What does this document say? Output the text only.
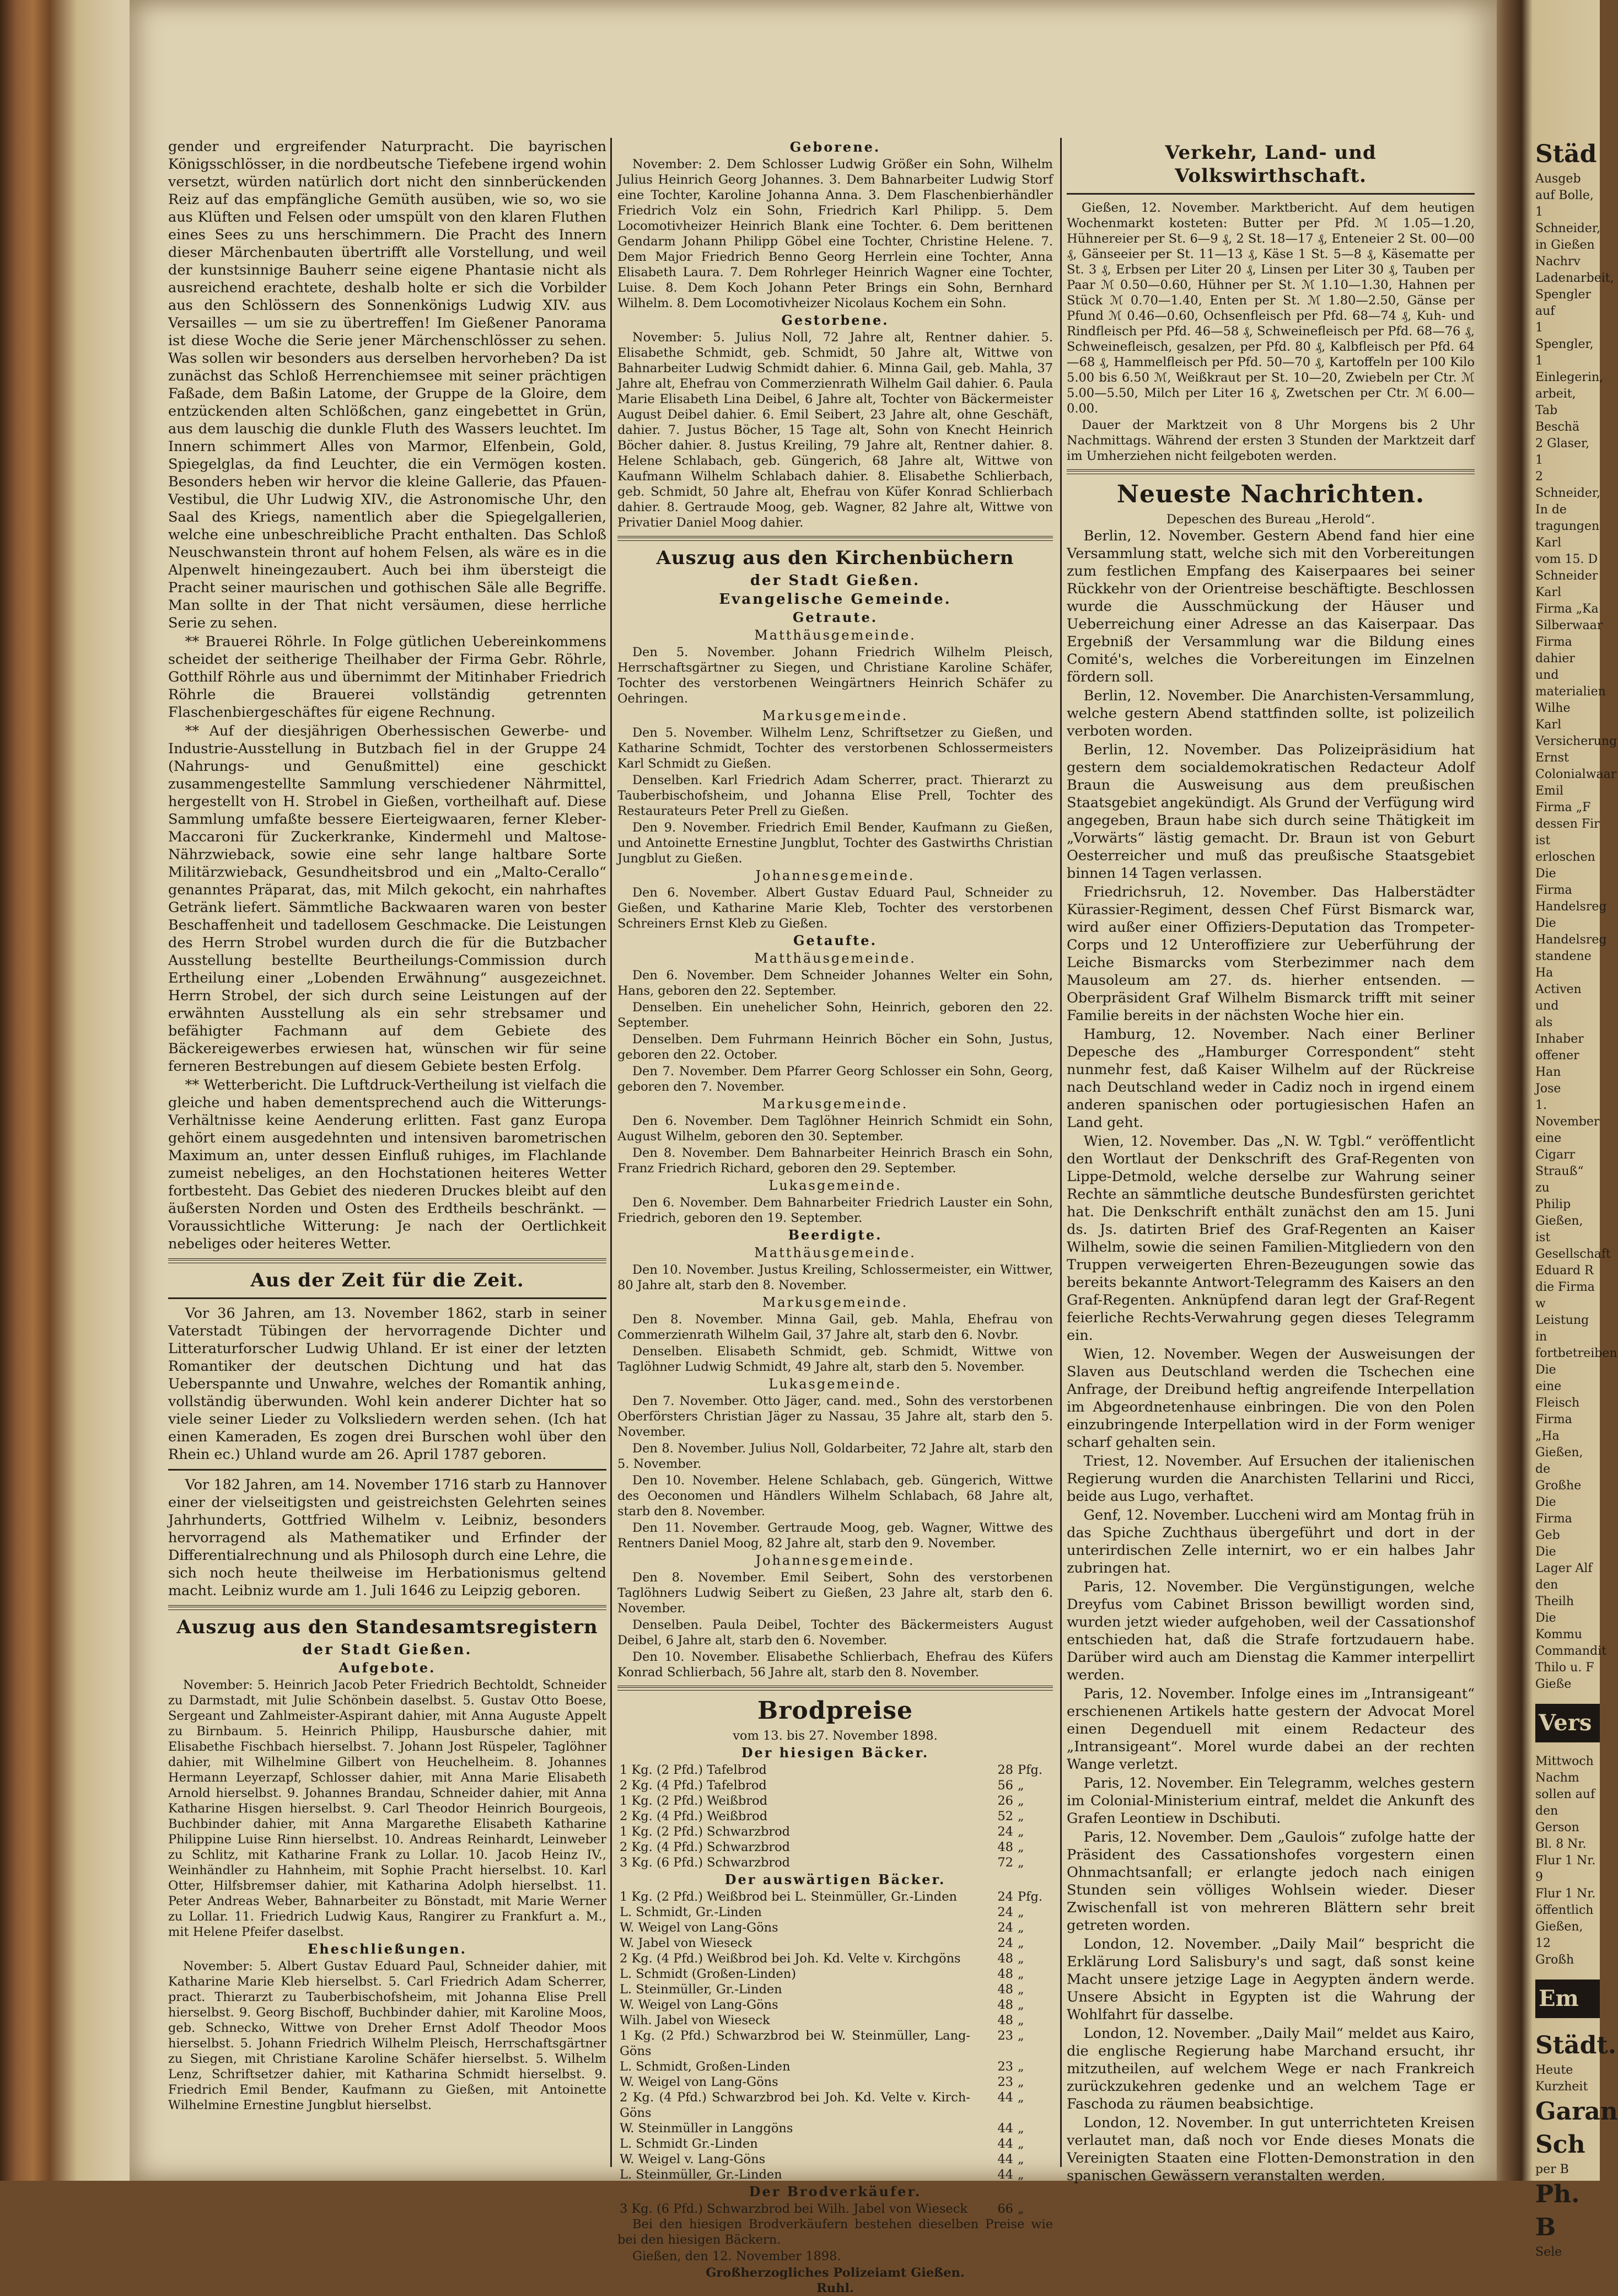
gender und ergreifender Naturpracht. Die bayrischen Königsschlösser, in die nordbeutsche Tiefebene irgend wohin versetzt, würden natürlich dort nicht den sinnberückenden Reiz auf das empfängliche Gemüth ausüben, wie so, wo sie aus Klüften und Felsen oder umspült von den klaren Fluthen eines Sees zu uns herschimmern. Die Pracht des Innern dieser Märchenbauten übertrifft alle Vorstellung, und weil der kunstsinnige Bauherr seine eigene Phantasie nicht als ausreichend erachtete, deshalb holte er sich die Vorbilder aus den Schlössern des Sonnenkönigs Ludwig XIV. aus Versailles — um sie zu übertreffen! Im Gießener Panorama ist diese Woche die Serie jener Märchenschlösser zu sehen. Was sollen wir besonders aus derselben hervorheben? Da ist zunächst das Schloß Herrenchiemsee mit seiner prächtigen Faßade, dem Baßin Latome, der Gruppe de la Gloire, dem entzückenden alten Schlößchen, ganz eingebettet in Grün, aus dem lauschig die dunkle Fluth des Wassers leuchtet. Im Innern schimmert Alles von Marmor, Elfenbein, Gold, Spiegelglas, da find Leuchter, die ein Vermögen kosten. Besonders heben wir hervor die kleine Gallerie, das Pfauen-Vestibul, die Uhr Ludwig XIV., die Astronomische Uhr, den Saal des Kriegs, namentlich aber die Spiegelgallerien, welche eine unbeschreibliche Pracht enthalten. Das Schloß Neuschwanstein thront auf hohem Felsen, als wäre es in die Alpenwelt hineingezaubert. Auch bei ihm übersteigt die Pracht seiner maurischen und gothischen Säle alle Begriffe. Man sollte in der That nicht versäumen, diese herrliche Serie zu sehen.

** Brauerei Röhrle. In Folge gütlichen Uebereinkommens scheidet der seitherige Theilhaber der Firma Gebr. Röhrle, Gotthilf Röhrle aus und übernimmt der Mitinhaber Friedrich Röhrle die Brauerei vollständig getrennten Flaschenbiergeschäftes für eigene Rechnung.

** Auf der diesjährigen Oberhessischen Gewerbe- und Industrie-Ausstellung in Butzbach fiel in der Gruppe 24 (Nahrungs- und Genußmittel) eine geschickt zusammengestellte Sammlung verschiedener Nährmittel, hergestellt von H. Strobel in Gießen, vortheilhaft auf. Diese Sammlung umfaßte bessere Eierteigwaaren, ferner Kleber-Maccaroni für Zuckerkranke, Kindermehl und Maltose-Nährzwieback, sowie eine sehr lange haltbare Sorte Militärzwieback, Gesundheitsbrod und ein „Malto-Cerallo“ genanntes Präparat, das, mit Milch gekocht, ein nahrhaftes Getränk liefert. Sämmtliche Backwaaren waren von bester Beschaffenheit und tadellosem Geschmacke. Die Leistungen des Herrn Strobel wurden durch die für die Butzbacher Ausstellung bestellte Beurtheilungs-Commission durch Ertheilung einer „Lobenden Erwähnung“ ausgezeichnet. Herrn Strobel, der sich durch seine Leistungen auf der erwähnten Ausstellung als ein sehr strebsamer und befähigter Fachmann auf dem Gebiete des Bäckereigewerbes erwiesen hat, wünschen wir für seine ferneren Bestrebungen auf diesem Gebiete besten Erfolg.

** Wetterbericht. Die Luftdruck-Vertheilung ist vielfach die gleiche und haben dementsprechend auch die Witterungs-Verhältnisse keine Aenderung erlitten. Fast ganz Europa gehört einem ausgedehnten und intensiven barometrischen Maximum an, unter dessen Einfluß ruhiges, im Flachlande zumeist nebeliges, an den Hochstationen heiteres Wetter fortbesteht. Das Gebiet des niederen Druckes bleibt auf den äußersten Norden und Osten des Erdtheils beschränkt. — Voraussichtliche Witterung: Je nach der Oertlichkeit nebeliges oder heiteres Wetter.

Aus der Zeit für die Zeit.

Vor 36 Jahren, am 13. November 1862, starb in seiner Vaterstadt Tübingen der hervorragende Dichter und Litteraturforscher Ludwig Uhland. Er ist einer der letzten Romantiker der deutschen Dichtung und hat das Ueberspannte und Unwahre, welches der Romantik anhing, vollständig überwunden. Wohl kein anderer Dichter hat so viele seiner Lieder zu Volksliedern werden sehen. (Ich hat einen Kameraden, Es zogen drei Burschen wohl über den Rhein ec.) Uhland wurde am 26. April 1787 geboren.

Vor 182 Jahren, am 14. November 1716 starb zu Hannover einer der vielseitigsten und geistreichsten Gelehrten seines Jahrhunderts, Gottfried Wilhelm v. Leibniz, besonders hervorragend als Mathematiker und Erfinder der Differentialrechnung und als Philosoph durch eine Lehre, die sich noch heute theilweise im Herbationismus geltend macht. Leibniz wurde am 1. Juli 1646 zu Leipzig geboren.

Auszug aus den Standesamtsregistern
der Stadt Gießen.
Aufgebote.

November: 5. Heinrich Jacob Peter Friedrich Bechtoldt, Schneider zu Darmstadt, mit Julie Schönbein daselbst. 5. Gustav Otto Boese, Sergeant und Zahlmeister-Aspirant dahier, mit Anna Auguste Appelt zu Birnbaum. 5. Heinrich Philipp, Hausbursche dahier, mit Elisabethe Fischbach hierselbst. 7. Johann Jost Rüspeler, Taglöhner dahier, mit Wilhelmine Gilbert von Heuchelheim. 8. Johannes Hermann Leyerzapf, Schlosser dahier, mit Anna Marie Elisabeth Arnold hierselbst. 9. Johannes Brandau, Schneider dahier, mit Anna Katharine Hisgen hierselbst. 9. Carl Theodor Heinrich Bourgeois, Buchbinder dahier, mit Anna Margarethe Elisabeth Katharine Philippine Luise Rinn hierselbst. 10. Andreas Reinhardt, Leinweber zu Schlitz, mit Katharine Frank zu Lollar. 10. Jacob Heinz IV., Weinhändler zu Hahnheim, mit Sophie Pracht hierselbst. 10. Karl Otter, Hilfsbremser dahier, mit Katharina Adolph hierselbst. 11. Peter Andreas Weber, Bahnarbeiter zu Bönstadt, mit Marie Werner zu Lollar. 11. Friedrich Ludwig Kaus, Rangirer zu Frankfurt a. M., mit Helene Pfeifer daselbst.

Eheschließungen.

November: 5. Albert Gustav Eduard Paul, Schneider dahier, mit Katharine Marie Kleb hierselbst. 5. Carl Friedrich Adam Scherrer, pract. Thierarzt zu Tauberbischofsheim, mit Johanna Elise Prell hierselbst. 9. Georg Bischoff, Buchbinder dahier, mit Karoline Moos, geb. Schnecko, Wittwe von Dreher Ernst Adolf Theodor Moos hierselbst. 5. Johann Friedrich Wilhelm Pleisch, Herrschaftsgärtner zu Siegen, mit Christiane Karoline Schäfer hierselbst. 5. Wilhelm Lenz, Schriftsetzer dahier, mit Katharina Schmidt hierselbst. 9. Friedrich Emil Bender, Kaufmann zu Gießen, mit Antoinette Wilhelmine Ernestine Jungblut hierselbst.

Geborene.

November: 2. Dem Schlosser Ludwig Größer ein Sohn, Wilhelm Julius Heinrich Georg Johannes. 3. Dem Bahnarbeiter Ludwig Storf eine Tochter, Karoline Johanna Anna. 3. Dem Flaschenbierhändler Friedrich Volz ein Sohn, Friedrich Karl Philipp. 5. Dem Locomotivheizer Heinrich Blank eine Tochter. 6. Dem berittenen Gendarm Johann Philipp Göbel eine Tochter, Christine Helene. 7. Dem Major Friedrich Benno Georg Herrlein eine Tochter, Anna Elisabeth Laura. 7. Dem Rohrleger Heinrich Wagner eine Tochter, Luise. 8. Dem Koch Johann Peter Brings ein Sohn, Bernhard Wilhelm. 8. Dem Locomotivheizer Nicolaus Kochem ein Sohn.

Gestorbene.

November: 5. Julius Noll, 72 Jahre alt, Rentner dahier. 5. Elisabethe Schmidt, geb. Schmidt, 50 Jahre alt, Wittwe von Bahnarbeiter Ludwig Schmidt dahier. 6. Minna Gail, geb. Mahla, 37 Jahre alt, Ehefrau von Commerzienrath Wilhelm Gail dahier. 6. Paula Marie Elisabeth Lina Deibel, 6 Jahre alt, Tochter von Bäckermeister August Deibel dahier. 6. Emil Seibert, 23 Jahre alt, ohne Geschäft, dahier. 7. Justus Böcher, 15 Tage alt, Sohn von Knecht Heinrich Böcher dahier. 8. Justus Kreiling, 79 Jahre alt, Rentner dahier. 8. Helene Schlabach, geb. Güngerich, 68 Jahre alt, Wittwe von Kaufmann Wilhelm Schlabach dahier. 8. Elisabethe Schlierbach, geb. Schmidt, 50 Jahre alt, Ehefrau von Küfer Konrad Schlierbach dahier. 8. Gertraude Moog, geb. Wagner, 82 Jahre alt, Wittwe von Privatier Daniel Moog dahier.

Auszug aus den Kirchenbüchern
der Stadt Gießen.
Evangelische Gemeinde.
Getraute.
Matthäusgemeinde.

Den 5. November. Johann Friedrich Wilhelm Pleisch, Herrschaftsgärtner zu Siegen, und Christiane Karoline Schäfer, Tochter des verstorbenen Weingärtners Heinrich Schäfer zu Oehringen.

Markusgemeinde.

Den 5. November. Wilhelm Lenz, Schriftsetzer zu Gießen, und Katharine Schmidt, Tochter des verstorbenen Schlossermeisters Karl Schmidt zu Gießen.

Denselben. Karl Friedrich Adam Scherrer, pract. Thierarzt zu Tauberbischofsheim, und Johanna Elise Prell, Tochter des Restaurateurs Peter Prell zu Gießen.

Den 9. November. Friedrich Emil Bender, Kaufmann zu Gießen, und Antoinette Ernestine Jungblut, Tochter des Gastwirths Christian Jungblut zu Gießen.

Johannesgemeinde.

Den 6. November. Albert Gustav Eduard Paul, Schneider zu Gießen, und Katharine Marie Kleb, Tochter des verstorbenen Schreiners Ernst Kleb zu Gießen.

Getaufte.
Matthäusgemeinde.

Den 6. November. Dem Schneider Johannes Welter ein Sohn, Hans, geboren den 22. September.

Denselben. Ein unehelicher Sohn, Heinrich, geboren den 22. September.

Denselben. Dem Fuhrmann Heinrich Böcher ein Sohn, Justus, geboren den 22. October.

Den 7. November. Dem Pfarrer Georg Schlosser ein Sohn, Georg, geboren den 7. November.

Markusgemeinde.

Den 6. November. Dem Taglöhner Heinrich Schmidt ein Sohn, August Wilhelm, geboren den 30. September.

Den 8. November. Dem Bahnarbeiter Heinrich Brasch ein Sohn, Franz Friedrich Richard, geboren den 29. September.

Lukasgemeinde.

Den 6. November. Dem Bahnarbeiter Friedrich Lauster ein Sohn, Friedrich, geboren den 19. September.

Beerdigte.
Matthäusgemeinde.

Den 10. November. Justus Kreiling, Schlossermeister, ein Wittwer, 80 Jahre alt, starb den 8. November.

Markusgemeinde.

Den 8. November. Minna Gail, geb. Mahla, Ehefrau von Commerzienrath Wilhelm Gail, 37 Jahre alt, starb den 6. Novbr.

Denselben. Elisabeth Schmidt, geb. Schmidt, Wittwe von Taglöhner Ludwig Schmidt, 49 Jahre alt, starb den 5. November.

Lukasgemeinde.

Den 7. November. Otto Jäger, cand. med., Sohn des verstorbenen Oberförsters Christian Jäger zu Nassau, 35 Jahre alt, starb den 5. November.

Den 8. November. Julius Noll, Goldarbeiter, 72 Jahre alt, starb den 5. November.

Den 10. November. Helene Schlabach, geb. Güngerich, Wittwe des Oeconomen und Händlers Wilhelm Schlabach, 68 Jahre alt, starb den 8. November.

Den 11. November. Gertraude Moog, geb. Wagner, Wittwe des Rentners Daniel Moog, 82 Jahre alt, starb den 9. November.

Johannesgemeinde.

Den 8. November. Emil Seibert, Sohn des verstorbenen Taglöhners Ludwig Seibert zu Gießen, 23 Jahre alt, starb den 6. November.

Denselben. Paula Deibel, Tochter des Bäckermeisters August Deibel, 6 Jahre alt, starb den 6. November.

Den 10. November. Elisabethe Schlierbach, Ehefrau des Küfers Konrad Schlierbach, 56 Jahre alt, starb den 8. November.

Brodpreise
vom 13. bis 27. November 1898.
Der hiesigen Bäcker.
1 Kg. (2 Pfd.) Tafelbrod	28	Pfg.
2 Kg. (4 Pfd.) Tafelbrod	56	„
1 Kg. (2 Pfd.) Weißbrod	26	„
2 Kg. (4 Pfd.) Weißbrod	52	„
1 Kg. (2 Pfd.) Schwarzbrod	24	„
2 Kg. (4 Pfd.) Schwarzbrod	48	„
3 Kg. (6 Pfd.) Schwarzbrod	72	„
Der auswärtigen Bäcker.
1 Kg. (2 Pfd.) Weißbrod bei L. Steinmüller, Gr.-Linden	24	Pfg.
L. Schmidt, Gr.-Linden	24	„
W. Weigel von Lang-Göns	24	„
W. Jabel von Wieseck	24	„
2 Kg. (4 Pfd.) Weißbrod bei Joh. Kd. Velte v. Kirchgöns	48	„
L. Schmidt (Großen-Linden)	48	„
L. Steinmüller, Gr.-Linden	48	„
W. Weigel von Lang-Göns	48	„
Wilh. Jabel von Wieseck	48	„
1 Kg. (2 Pfd.) Schwarzbrod bei W. Steinmüller, Lang-Göns	23	„
L. Schmidt, Großen-Linden	23	„
W. Weigel von Lang-Göns	23	„
2 Kg. (4 Pfd.) Schwarzbrod bei Joh. Kd. Velte v. Kirch-Göns	44	„
W. Steinmüller in Langgöns	44	„
L. Schmidt Gr.-Linden	44	„
W. Weigel v. Lang-Göns	44	„
L. Steinmüller, Gr.-Linden	44	„
Der Brodverkäufer.
3 Kg. (6 Pfd.) Schwarzbrod bei Wilh. Jabel von Wieseck	66	„

Bei den hiesigen Brodverkäufern bestehen dieselben Preise wie bei den hiesigen Bäckern.

Gießen, den 12. November 1898.

Großherzogliches Polizeiamt Gießen.
Ruhl.
Verkehr, Land- und Volkswirthschaft.

Gießen, 12. November. Marktbericht. Auf dem heutigen Wochenmarkt kosteten: Butter per Pfd. ℳ 1.05—1.20, Hühnereier per St. 6—9 ₰, 2 St. 18—17 ₰, Enteneier 2 St. 00—00 ₰, Gänseeier per St. 11—13 ₰, Käse 1 St. 5—8 ₰, Käsematte per St. 3 ₰, Erbsen per Liter 20 ₰, Linsen per Liter 30 ₰, Tauben per Paar ℳ 0.50—0.60, Hühner per St. ℳ 1.10—1.30, Hahnen per Stück ℳ 0.70—1.40, Enten per St. ℳ 1.80—2.50, Gänse per Pfund ℳ 0.46—0.60, Ochsenfleisch per Pfd. 68—74 ₰, Kuh- und Rindfleisch per Pfd. 46—58 ₰, Schweinefleisch per Pfd. 68—76 ₰, Schweinefleisch, gesalzen, per Pfd. 80 ₰, Kalbfleisch per Pfd. 64—68 ₰, Hammelfleisch per Pfd. 50—70 ₰, Kartoffeln per 100 Kilo 5.00 bis 6.50 ℳ, Weißkraut per St. 10—20, Zwiebeln per Ctr. ℳ 5.00—5.50, Milch per Liter 16 ₰, Zwetschen per Ctr. ℳ 6.00—0.00.

Dauer der Marktzeit von 8 Uhr Morgens bis 2 Uhr Nachmittags. Während der ersten 3 Stunden der Marktzeit darf im Umherziehen nicht feilgeboten werden.

Neueste Nachrichten.
Depeschen des Bureau „Herold“.

Berlin, 12. November. Gestern Abend fand hier eine Versammlung statt, welche sich mit den Vorbereitungen zum festlichen Empfang des Kaiserpaares bei seiner Rückkehr von der Orientreise beschäftigte. Beschlossen wurde die Ausschmückung der Häuser und Ueberreichung einer Adresse an das Kaiserpaar. Das Ergebniß der Versammlung war die Bildung eines Comité's, welches die Vorbereitungen im Einzelnen fördern soll.

Berlin, 12. November. Die Anarchisten-Versammlung, welche gestern Abend stattfinden sollte, ist polizeilich verboten worden.

Berlin, 12. November. Das Polizeipräsidium hat gestern dem socialdemokratischen Redacteur Adolf Braun die Ausweisung aus dem preußischen Staatsgebiet angekündigt. Als Grund der Verfügung wird angegeben, Braun habe sich durch seine Thätigkeit im „Vorwärts“ lästig gemacht. Dr. Braun ist von Geburt Oesterreicher und muß das preußische Staatsgebiet binnen 14 Tagen verlassen.

Friedrichsruh, 12. November. Das Halberstädter Kürassier-Regiment, dessen Chef Fürst Bismarck war, wird außer einer Offiziers-Deputation das Trompeter-Corps und 12 Unteroffiziere zur Ueberführung der Leiche Bismarcks vom Sterbezimmer nach dem Mausoleum am 27. ds. hierher entsenden. — Oberpräsident Graf Wilhelm Bismarck trifft mit seiner Familie bereits in der nächsten Woche hier ein.

Hamburg, 12. November. Nach einer Berliner Depesche des „Hamburger Correspondent“ steht nunmehr fest, daß Kaiser Wilhelm auf der Rückreise nach Deutschland weder in Cadiz noch in irgend einem anderen spanischen oder portugiesischen Hafen an Land geht.

Wien, 12. November. Das „N. W. Tgbl.“ veröffentlicht den Wortlaut der Denkschrift des Graf-Regenten von Lippe-Detmold, welche derselbe zur Wahrung seiner Rechte an sämmtliche deutsche Bundesfürsten gerichtet hat. Die Denkschrift enthält zunächst den am 15. Juni ds. Js. datirten Brief des Graf-Regenten an Kaiser Wilhelm, sowie die seinen Familien-Mitgliedern von den Truppen verweigerten Ehren-Bezeugungen sowie das bereits bekannte Antwort-Telegramm des Kaisers an den Graf-Regenten. Anknüpfend daran legt der Graf-Regent feierliche Rechts-Verwahrung gegen dieses Telegramm ein.

Wien, 12. November. Wegen der Ausweisungen der Slaven aus Deutschland werden die Tschechen eine Anfrage, der Dreibund heftig angreifende Interpellation im Abgeordnetenhause einbringen. Die von den Polen einzubringende Interpellation wird in der Form weniger scharf gehalten sein.

Triest, 12. November. Auf Ersuchen der italienischen Regierung wurden die Anarchisten Tellarini und Ricci, beide aus Lugo, verhaftet.

Genf, 12. November. Luccheni wird am Montag früh in das Spiche Zuchthaus übergeführt und dort in der unterirdischen Zelle internirt, wo er ein halbes Jahr zubringen hat.

Paris, 12. November. Die Vergünstigungen, welche Dreyfus vom Cabinet Brisson bewilligt worden sind, wurden jetzt wieder aufgehoben, weil der Cassationshof entschieden hat, daß die Strafe fortzudauern habe. Darüber wird auch am Dienstag die Kammer interpellirt werden.

Paris, 12. November. Infolge eines im „Intransigeant“ erschienenen Artikels hatte gestern der Advocat Morel einen Degenduell mit einem Redacteur des „Intransigeant“. Morel wurde dabei an der rechten Wange verletzt.

Paris, 12. November. Ein Telegramm, welches gestern im Colonial-Ministerium eintraf, meldet die Ankunft des Grafen Leontiew in Dschibuti.

Paris, 12. November. Dem „Gaulois“ zufolge hatte der Präsident des Cassationshofes vorgestern einen Ohnmachtsanfall; er erlangte jedoch nach einigen Stunden sein völliges Wohlsein wieder. Dieser Zwischenfall ist von mehreren Blättern sehr breit getreten worden.

London, 12. November. „Daily Mail“ bespricht die Erklärung Lord Salisbury's und sagt, daß sonst keine Macht unsere jetzige Lage in Aegypten ändern werde. Unsere Absicht in Egypten ist die Wahrung der Wohlfahrt für dasselbe.

London, 12. November. „Daily Mail“ meldet aus Kairo, die englische Regierung habe Marchand ersucht, ihr mitzutheilen, auf welchem Wege er nach Frankreich zurückzukehren gedenke und an welchem Tage er Faschoda zu räumen beabsichtige.

London, 12. November. In gut unterrichteten Kreisen verlautet man, daß noch vor Ende dieses Monats die Vereinigten Staaten eine Flotten-Demonstration in den spanischen Gewässern veranstalten werden.

Städ
Ausgeb
auf Bolle,
1 Schneider,
in Gießen
Nachrv
Ladenarbeit,
Spengler auf
1 Spengler,
1 Einlegerin,
arbeit, Tab
Beschä
2 Glaser, 1
2 Schneider,
In de
tragungen
Karl
vom 15. D
Schneider
Karl
Firma „Ka
Silberwaar
Firma
dahier und
materialien
Wilhe
Karl
Versicherung
Ernst
Colonialwaar
Emil
Firma „F
dessen Fir
ist erloschen
Die
Firma
Handelsreg
Die
Handelsreg
standene Ha
Activen und
als Inhaber
offener Han
Jose
1. November
eine Cigarr
Strauß“ zu
Philip
Gießen, ist
Gesellschaft
Eduard R
die Firma w
Leistung in
fortbetreiben
Die
eine Fleisch
Firma „Ha
Gießen, de
Großhe
Die
Firma Geb
Die
Lager Alf
den Theilh
Die Kommu
Commandit
Thilo u. F
Gieße
Vers
Mittwoch
Nachm
sollen auf
den Gerson
Bl. 8 Nr.
Flur 1 Nr. 9
Flur 1 Nr.
öffentlich
Gießen, 12
Großh
Em
Städt.
Heute
Kurzheit
Garan
Sch
per B
Ph. B
Sele
